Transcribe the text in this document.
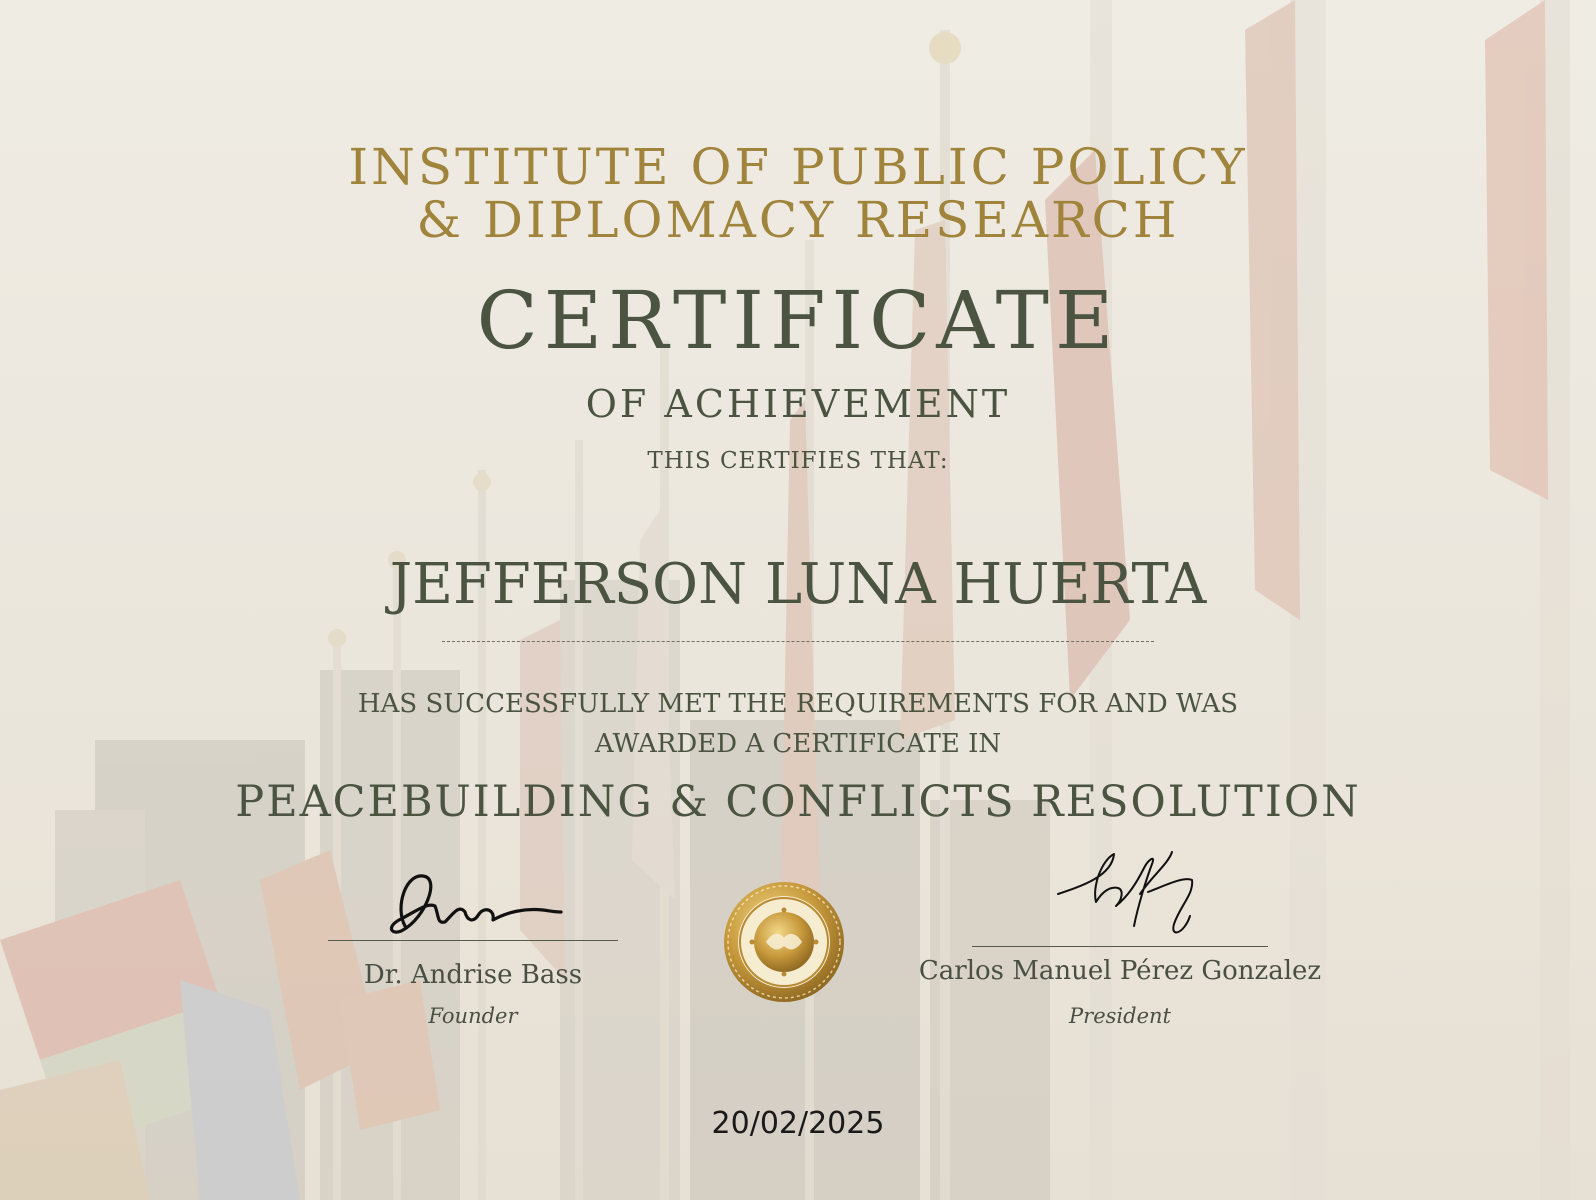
INSTITUTE OF PUBLIC POLICY
& DIPLOMACY RESEARCH
CERTIFICATE
OF ACHIEVEMENT
THIS CERTIFIES THAT:
JEFFERSON LUNA HUERTA
HAS SUCCESSFULLY MET THE REQUIREMENTS FOR AND WAS
AWARDED A CERTIFICATE IN
PEACEBUILDING & CONFLICTS RESOLUTION
Dr. Andrise Bass
Founder
Carlos Manuel Pérez Gonzalez
President
20/02/2025
